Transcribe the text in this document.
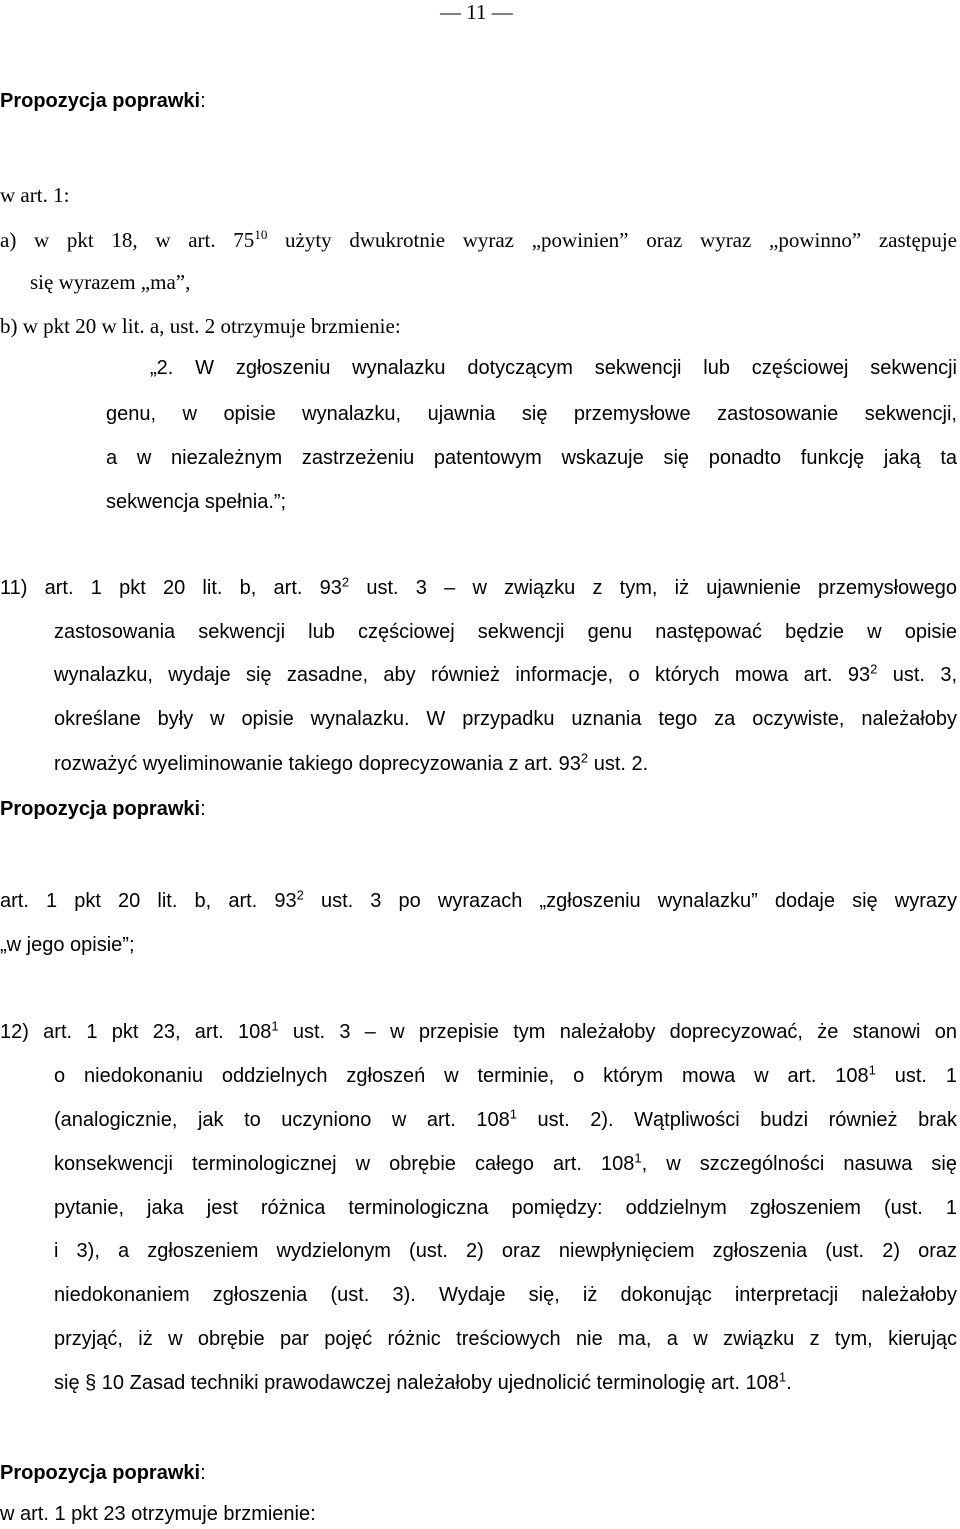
— 11 —
Propozycja poprawki:
w art. 1:
a) w pkt 18, w art. $75^{10}$ użyty dwukrotnie wyraz „powinien” oraz wyraz „powinno” zastępuje
się wyrazem „ma”,
b) w pkt 20 w lit. a, ust. 2 otrzymuje brzmienie:
„2. W zgłoszeniu wynalazku dotyczącym sekwencji lub częściowej sekwencji
genu, w opisie wynalazku, ujawnia się przemysłowe zastosowanie sekwencji,
a w niezależnym zastrzeżeniu patentowym wskazuje się ponadto funkcję jaką ta
sekwencja spełnia.”;
11) art. 1 pkt 20 lit. b, art. $93^2$ ust. 3 – w związku z tym, iż ujawnienie przemysłowego
zastosowania sekwencji lub częściowej sekwencji genu następować będzie w opisie
wynalazku, wydaje się zasadne, aby również informacje, o których mowa art. $93^2$ ust. 3,
określane były w opisie wynalazku. W przypadku uznania tego za oczywiste, należałoby
rozważyć wyeliminowanie takiego doprecyzowania z art. $93^2$ ust. 2.
Propozycja poprawki:
art. 1 pkt 20 lit. b, art. $93^2$ ust. 3 po wyrazach „zgłoszeniu wynalazku” dodaje się wyrazy
„w jego opisie”;
12) art. 1 pkt 23, art. $108^1$ ust. 3 – w przepisie tym należałoby doprecyzować, że stanowi on
o niedokonaniu oddzielnych zgłoszeń w terminie, o którym mowa w art. $108^1$ ust. 1
(analogicznie, jak to uczyniono w art. $108^1$ ust. 2). Wątpliwości budzi również brak
konsekwencji terminologicznej w obrębie całego art. $108^1$, w szczególności nasuwa się
pytanie, jaka jest różnica terminologiczna pomiędzy: oddzielnym zgłoszeniem (ust. 1
i 3), a zgłoszeniem wydzielonym (ust. 2) oraz niewpłynięciem zgłoszenia (ust. 2) oraz
niedokonaniem zgłoszenia (ust. 3). Wydaje się, iż dokonując interpretacji należałoby
przyjąć, iż w obrębie par pojęć różnic treściowych nie ma, a w związku z tym, kierując
się § 10 Zasad techniki prawodawczej należałoby ujednolicić terminologię art. $108^1$.
Propozycja poprawki:
w art. 1 pkt 23 otrzymuje brzmienie:
